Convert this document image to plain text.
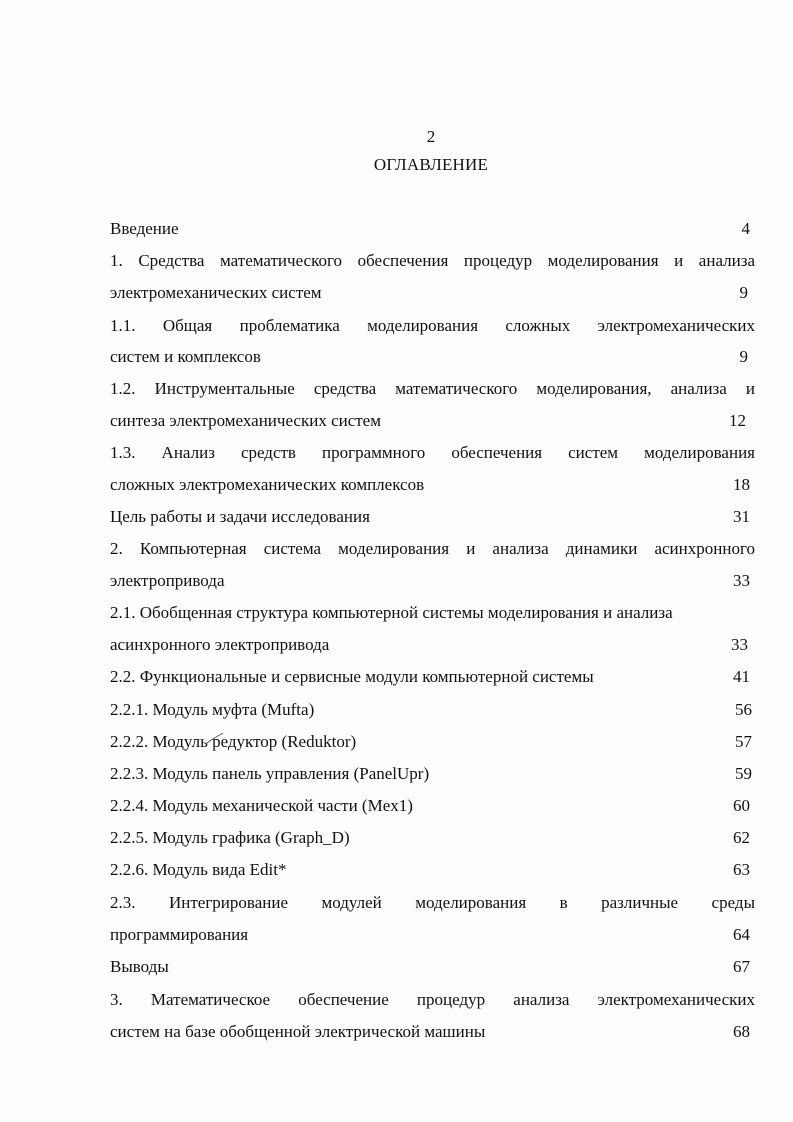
2
ОГЛАВЛЕНИЕ
Введение	4
1. Средства математического обеспечения процедур моделирования и анализа
электромеханических систем	9
1.1. Общая проблематика моделирования сложных электромеханических
систем и комплексов	9
1.2. Инструментальные средства математического моделирования, анализа и
синтеза электромеханических систем	12
1.3. Анализ средств программного обеспечения систем моделирования
сложных электромеханических комплексов	18
Цель работы и задачи исследования	31
2. Компьютерная система моделирования и анализа динамики асинхронного
электропривода	33
2.1. Обобщенная структура компьютерной системы моделирования и анализа
асинхронного электропривода	33
2.2. Функциональные и сервисные модули компьютерной системы	41
2.2.1. Модуль муфта (Mufta)	56
2.2.2. Модуль редуктор (Reduktor)	57
2.2.3. Модуль панель управления (PanelUpr)	59
2.2.4. Модуль механической части (Mex1)	60
2.2.5. Модуль графика (Graph_D)	62
2.2.6. Модуль вида Edit*	63
2.3. Интегрирование модулей моделирования в различные среды
программирования	64
Выводы	67
3. Математическое обеспечение процедур анализа электромеханических
систем на базе обобщенной электрической машины	68
